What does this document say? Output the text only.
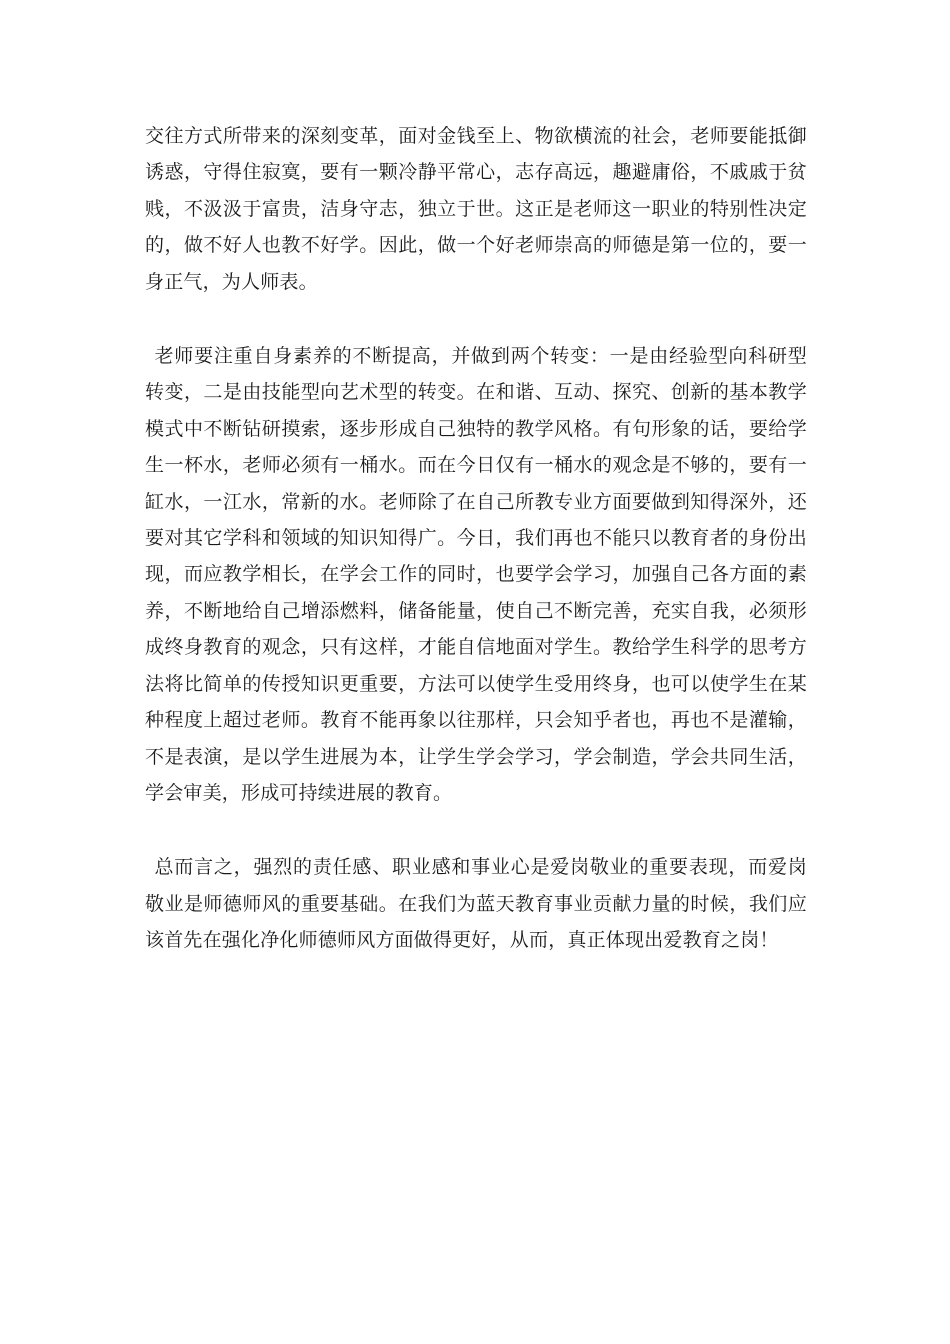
交往方式所带来的深刻变革，面对金钱至上、物欲横流的社会，老师要能抵御诱惑，守得住寂寞，要有一颗冷静平常心，志存高远，趣避庸俗，不戚戚于贫贱，不汲汲于富贵，洁身守志，独立于世。这正是老师这一职业的特别性决定的，做不好人也教不好学。因此，做一个好老师崇高的师德是第一位的，要一身正气，为人师表。

老师要注重自身素养的不断提高，并做到两个转变：一是由经验型向科研型转变，二是由技能型向艺术型的转变。在和谐、互动、探究、创新的基本教学模式中不断钻研摸索，逐步形成自己独特的教学风格。有句形象的话，要给学生一杯水，老师必须有一桶水。而在今日仅有一桶水的观念是不够的，要有一缸水，一江水，常新的水。老师除了在自己所教专业方面要做到知得深外，还要对其它学科和领域的知识知得广。今日，我们再也不能只以教育者的身份出现，而应教学相长，在学会工作的同时，也要学会学习，加强自己各方面的素养，不断地给自己增添燃料，储备能量，使自己不断完善，充实自我，必须形成终身教育的观念，只有这样，才能自信地面对学生。教给学生科学的思考方法将比简单的传授知识更重要，方法可以使学生受用终身，也可以使学生在某种程度上超过老师。教育不能再象以往那样，只会知乎者也，再也不是灌输，不是表演，是以学生进展为本，让学生学会学习，学会制造，学会共同生活，学会审美，形成可持续进展的教育。

总而言之，强烈的责任感、职业感和事业心是爱岗敬业的重要表现，而爱岗敬业是师德师风的重要基础。在我们为蓝天教育事业贡献力量的时候，我们应该首先在强化净化师德师风方面做得更好，从而，真正体现出爱教育之岗！
